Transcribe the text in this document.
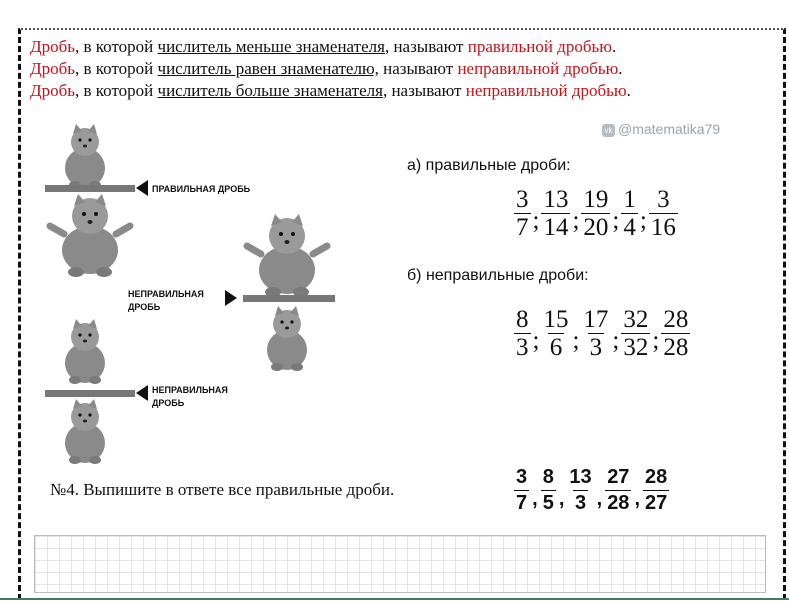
Дробь, в которой числитель меньше знаменателя, называют правильной дробью.
Дробь, в которой числитель равен знаменателю, называют неправильной дробью.
Дробь, в которой числитель больше знаменателя, называют неправильной дробью.
vk @matematika79
ПРАВИЛЬНАЯ ДРОБЬ
НЕПРАВИЛЬНАЯ
ДРОБЬ
НЕПРАВИЛЬНАЯ
ДРОБЬ
а) правильные дроби:
$\frac{3}{7}$ ; $\frac{13}{14}$ ; $\frac{19}{20}$ ; $\frac{1}{4}$ ; $\frac{3}{16}$
б) неправильные дроби:
$\frac{8}{3}$ ; $\frac{15}{6}$ ; $\frac{17}{3}$ ; $\frac{32}{32}$ ; $\frac{28}{28}$
№4. Выпишите в ответе все правильные дроби.	$\frac{3}{7}$ , $\frac{8}{5}$ , $\frac{13}{3}$ , $\frac{27}{28}$ , $\frac{28}{27}$
